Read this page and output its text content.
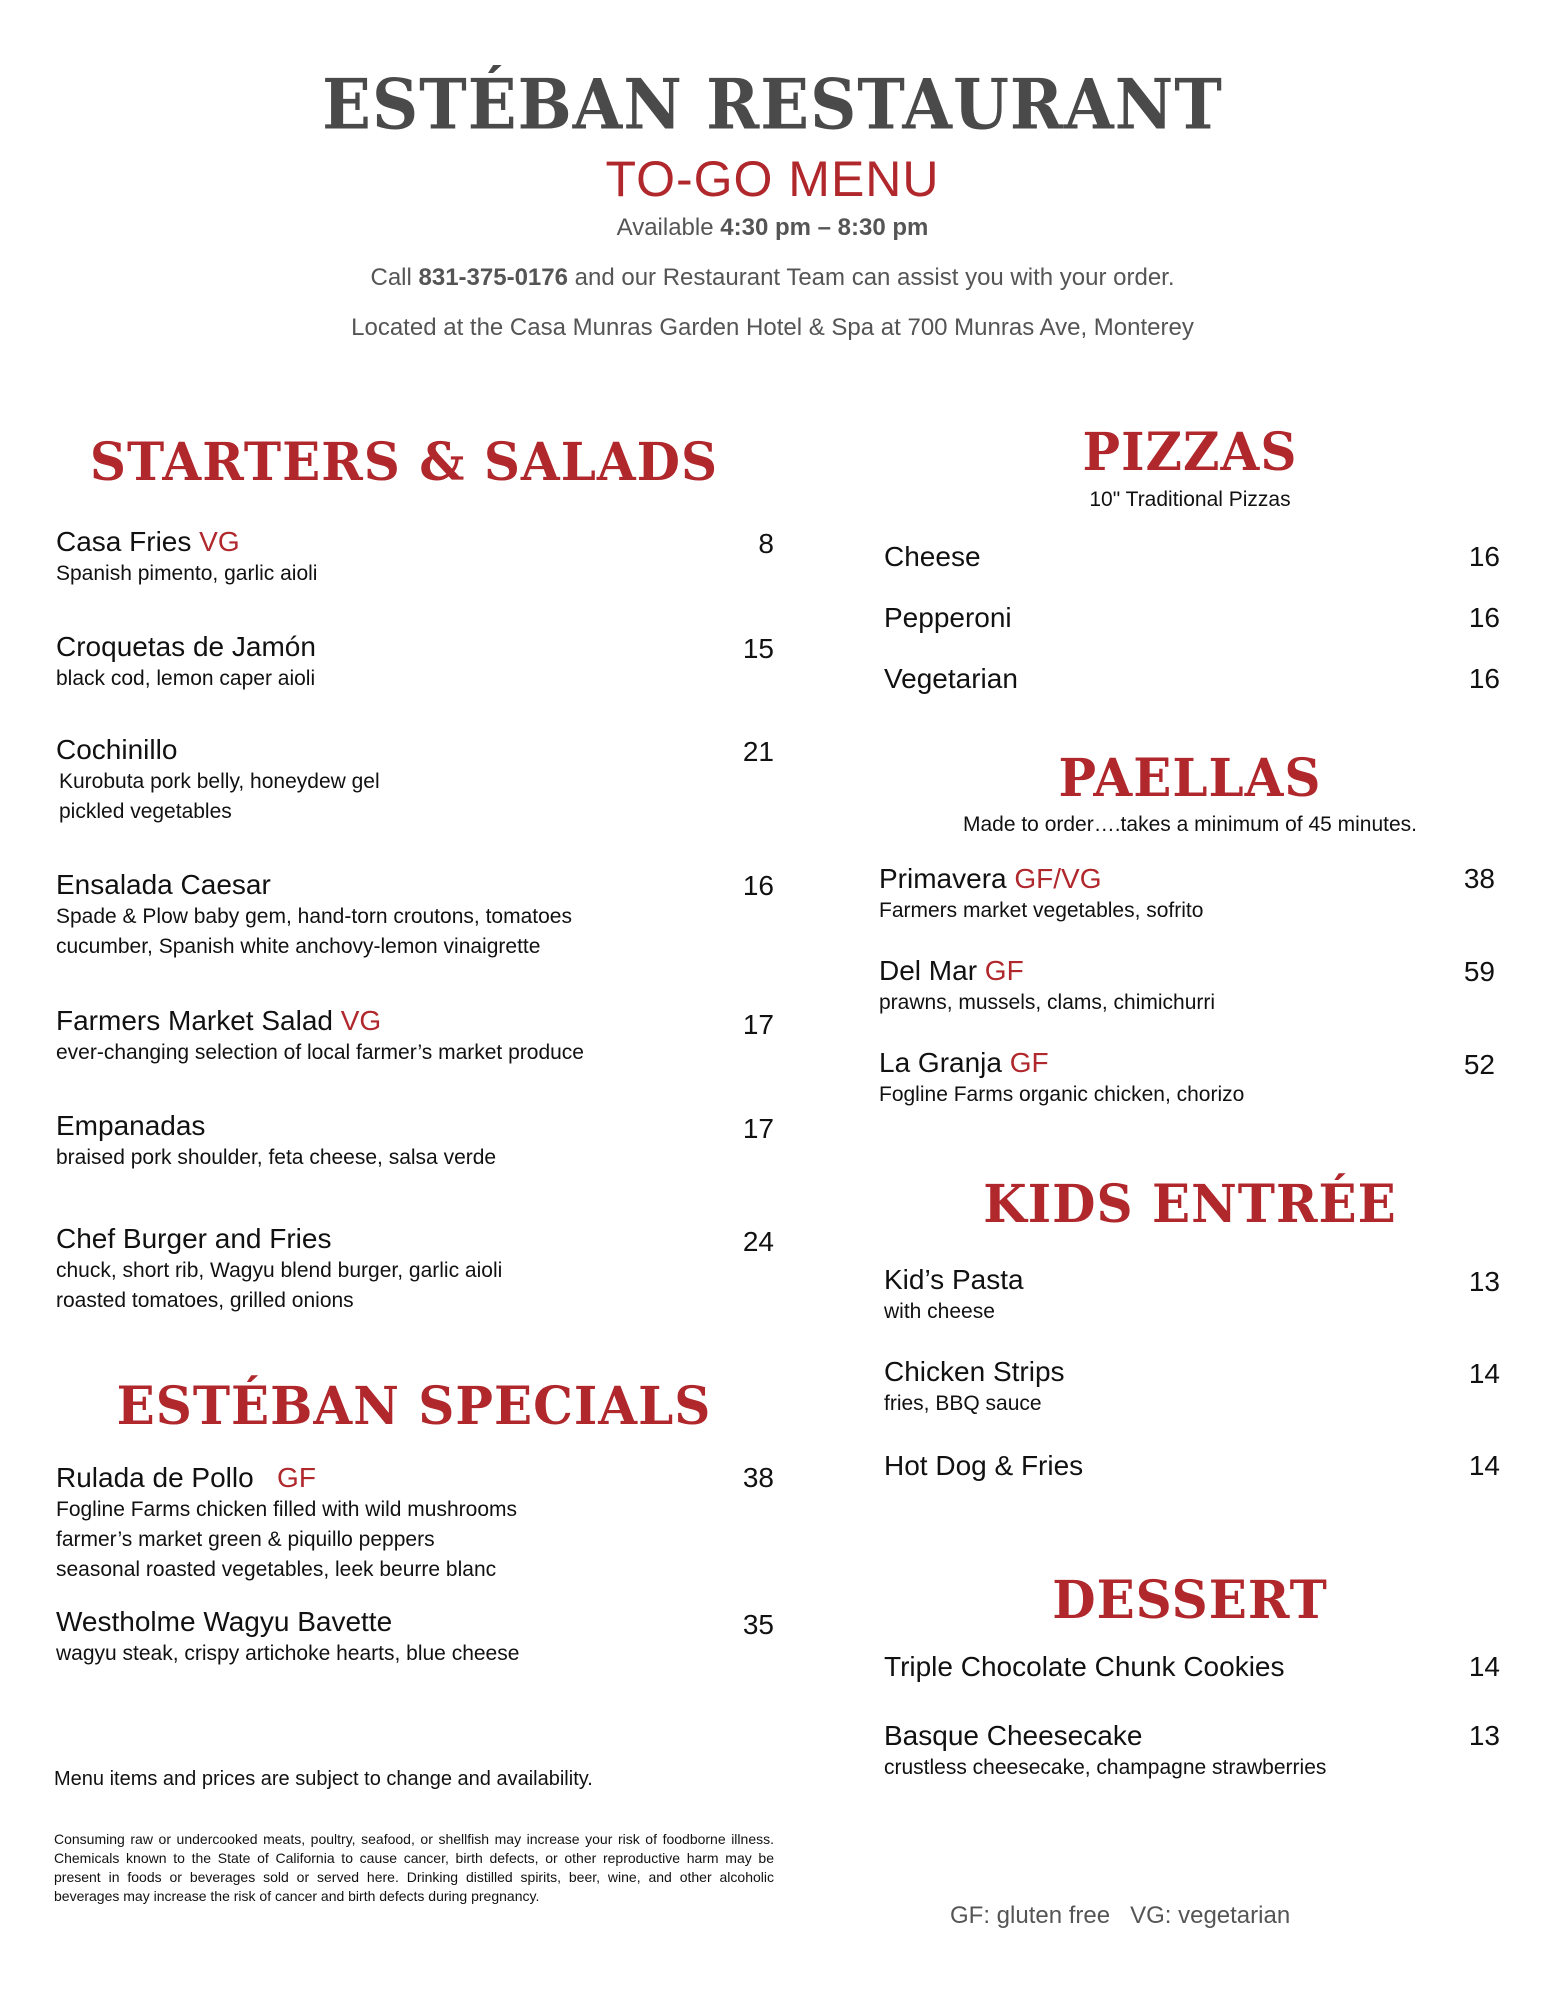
ESTÉBAN RESTAURANT
TO-GO MENU
Available 4:30 pm – 8:30 pm
Call 831-375-0176 and our Restaurant Team can assist you with your order.
Located at the Casa Munras Garden Hotel & Spa at 700 Munras Ave, Monterey
STARTERS & SALADS
Casa Fries VG
Spanish pimento, garlic aioli
8
Croquetas de Jamón
black cod, lemon caper aioli
15
Cochinillo
Kurobuta pork belly, honeydew gel
pickled vegetables
21
Ensalada Caesar
Spade & Plow baby gem, hand-torn croutons, tomatoes
cucumber, Spanish white anchovy-lemon vinaigrette
16
Farmers Market Salad VG
ever-changing selection of local farmer’s market produce
17
Empanadas
braised pork shoulder, feta cheese, salsa verde
17
Chef Burger and Fries
chuck, short rib, Wagyu blend burger, garlic aioli
roasted tomatoes, grilled onions
24
ESTÉBAN SPECIALS
Rulada de Pollo GF
Fogline Farms chicken filled with wild mushrooms
farmer’s market green & piquillo peppers
seasonal roasted vegetables, leek beurre blanc
38
Westholme Wagyu Bavette
wagyu steak, crispy artichoke hearts, blue cheese
35
Menu items and prices are subject to change and availability.
Consuming raw or undercooked meats, poultry, seafood, or shellfish may increase your risk of foodborne illness. Chemicals known to the State of California to cause cancer, birth defects, or other reproductive harm may be present in foods or beverages sold or served here. Drinking distilled spirits, beer, wine, and other alcoholic beverages may increase the risk of cancer and birth defects during pregnancy.
PIZZAS
10" Traditional Pizzas
Cheese	16
Pepperoni	16
Vegetarian	16
PAELLAS
Made to order….takes a minimum of 45 minutes.
Primavera GF/VG
Farmers market vegetables, sofrito
38
Del Mar GF
prawns, mussels, clams, chimichurri
59
La Granja GF
Fogline Farms organic chicken, chorizo
52
KIDS ENTRÉE
Kid’s Pasta
with cheese
13
Chicken Strips
fries, BBQ sauce
14
Hot Dog & Fries	14
DESSERT
Triple Chocolate Chunk Cookies	14
Basque Cheesecake
crustless cheesecake, champagne strawberries
13
GF: gluten free   VG: vegetarian
